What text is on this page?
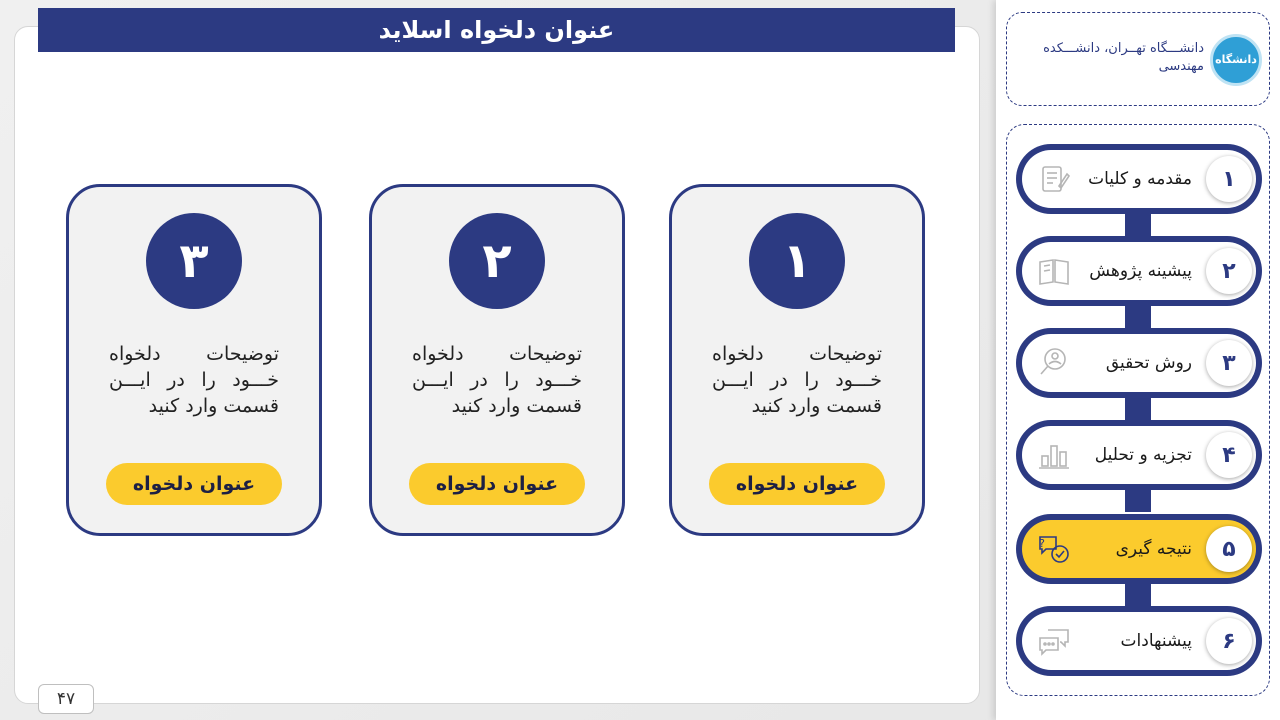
عنوان دلخواه اسلاید
۱
توضیحات دلخواه خـــود را در ایـــن قسمت وارد کنید
عنوان دلخواه
۲
توضیحات دلخواه خـــود را در ایـــن قسمت وارد کنید
عنوان دلخواه
۳
توضیحات دلخواه خـــود را در ایـــن قسمت وارد کنید
عنوان دلخواه
۴۷
دانشگاه
دانشـــگاه تهــران، دانشـــکده مهندسی
۱
مقدمه و کلیات
۲
پیشینه پژوهش
۳
روش تحقیق
۴
تجزیه و تحلیل
۵
نتیجه گیری
?
۶
پیشنهادات
